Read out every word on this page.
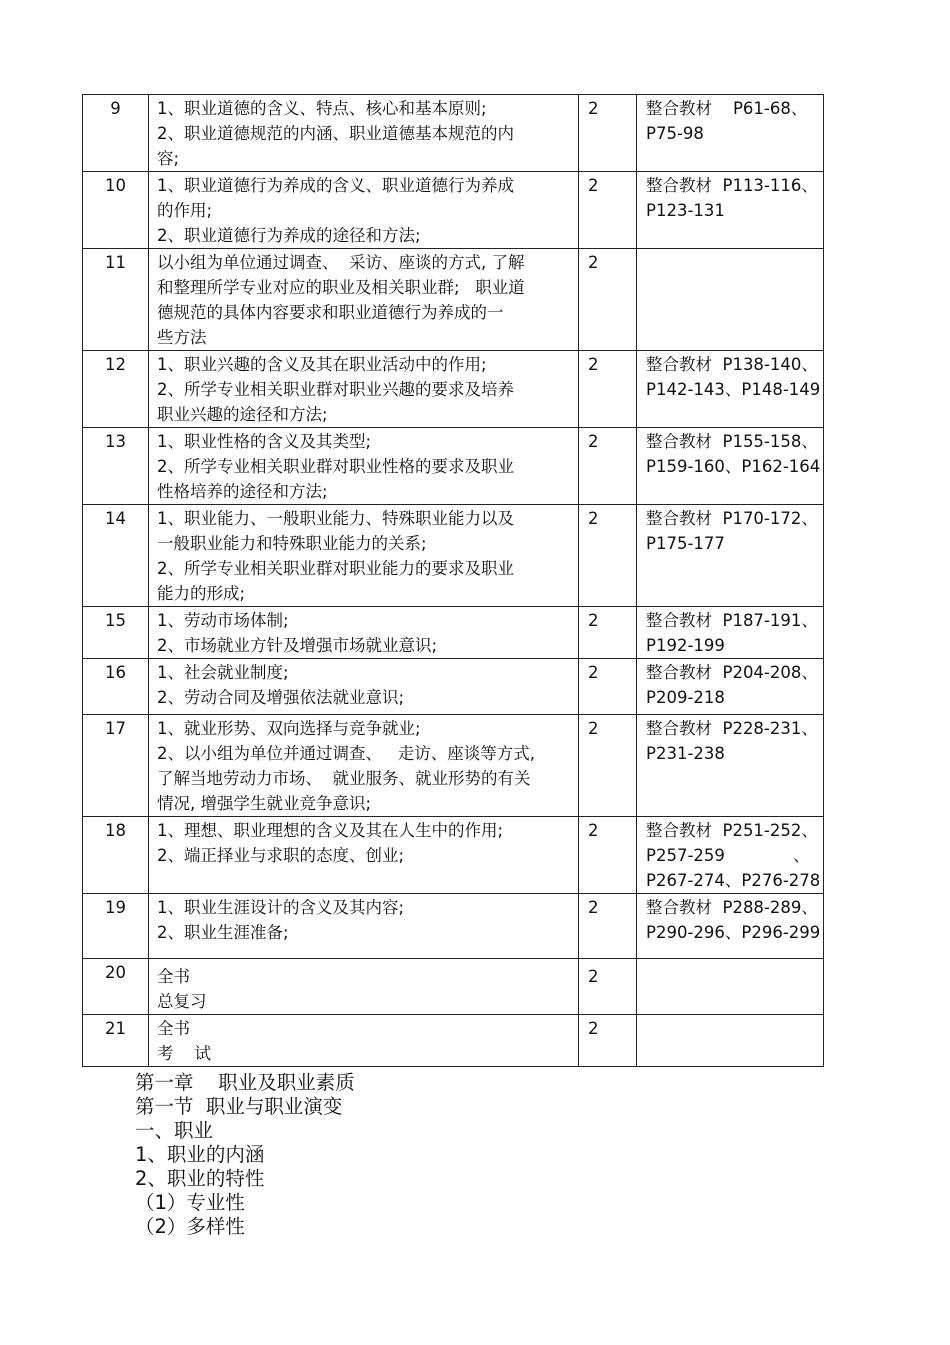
9	1、职业道德的含义、特点、核心和基本原则;
2、职业道德规范的内涵、职业道德基本规范的内
容;	2	整合教材    P61-68、
P75-98

10	1、职业道德行为养成的含义、职业道德行为养成
的作用;
2、职业道德行为养成的途径和方法;	2	整合教材  P113-116、
P123-131

11	以小组为单位通过调查、  采访、座谈的方式, 了解
和整理所学专业对应的职业及相关职业群;   职业道
德规范的具体内容要求和职业道德行为养成的一
些方法	2	

12	1、职业兴趣的含义及其在职业活动中的作用;
2、所学专业相关职业群对职业兴趣的要求及培养
职业兴趣的途径和方法;	2	整合教材  P138-140、
P142-143、P148-149

13	1、职业性格的含义及其类型;
2、所学专业相关职业群对职业性格的要求及职业
性格培养的途径和方法;	2	整合教材  P155-158、
P159-160、P162-164

14	1、职业能力、一般职业能力、特殊职业能力以及
一般职业能力和特殊职业能力的关系;
2、所学专业相关职业群对职业能力的要求及职业
能力的形成;	2	整合教材  P170-172、
P175-177

15	1、劳动市场体制;
2、市场就业方针及增强市场就业意识;	2	整合教材  P187-191、
P192-199

16	1、社会就业制度;
2、劳动合同及增强依法就业意识;	2	整合教材  P204-208、
P209-218

17	1、就业形势、双向选择与竞争就业;
2、以小组为单位并通过调查、   走访、座谈等方式,
了解当地劳动力市场、  就业服务、就业形势的有关
情况, 增强学生就业竞争意识;	2	整合教材  P228-231、
P231-238

18	1、理想、职业理想的含义及其在人生中的作用;
2、端正择业与求职的态度、创业;	2	整合教材  P251-252、
P257-259             、
P267-274、P276-278

19	1、职业生涯设计的含义及其内容;
2、职业生涯准备;	2	整合教材  P288-289、
P290-296、P296-299

20	全书
总复习	2	

21	全书
考    试	2	

第一章    职业及职业素质
第一节  职业与职业演变
一、职业
1、职业的内涵
2、职业的特性
（1）专业性
（2）多样性
